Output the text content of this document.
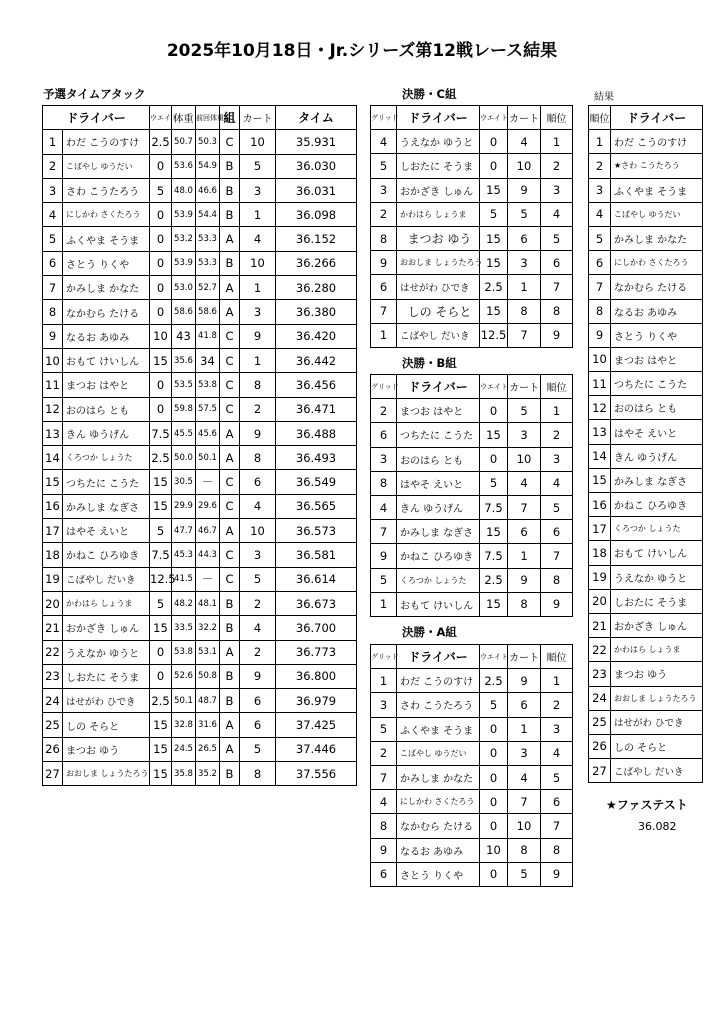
2025年10月18日・Jr.シリーズ第12戦レース結果
予選タイムアタック
ドライバー		ウエイト	体重	前回体重	組	カート	タイム
1	わだ こうのすけ	2.5	50.7	50.3	C	10	35.931
2	こばやし ゆうだい	0	53.6	54.9	B	5	36.030
3	さわ こうたろう	5	48.0	46.6	B	3	36.031
4	にしかわ さくたろう	0	53.9	54.4	B	1	36.098
5	ふくやま そうま	0	53.2	53.3	A	4	36.152
6	さとう りくや	0	53.9	53.3	B	10	36.266
7	かみしま かなた	0	53.0	52.7	A	1	36.280
8	なかむら たける	0	58.6	58.6	A	3	36.380
9	なるお あゆみ	10	43	41.8	C	9	36.420
10	おもて けいしん	15	35.6	34	C	1	36.442
11	まつお はやと	0	53.5	53.8	C	8	36.456
12	おのはら とも	0	59.8	57.5	C	2	36.471
13	きん ゆうげん	7.5	45.5	45.6	A	9	36.488
14	くろつか しょうた	2.5	50.0	50.1	A	8	36.493
15	つちたに こうた	15	30.5	－	C	6	36.549
16	かみしま なぎさ	15	29.9	29.6	C	4	36.565
17	はやそ えいと	5	47.7	46.7	A	10	36.573
18	かねこ ひろゆき	7.5	45.3	44.3	C	3	36.581
19	こばやし だいき	12.5	41.5	－	C	5	36.614
20	かわはら しょうま	5	48.2	48.1	B	2	36.673
21	おかざき しゅん	15	33.5	32.2	B	4	36.700
22	うえなか ゆうと	0	53.8	53.1	A	2	36.773
23	しおたに そうま	0	52.6	50.8	B	9	36.800
24	はせがわ ひでき	2.5	50.1	48.7	B	6	36.979
25	しの そらと	15	32.8	31.6	A	6	37.425
26	まつお ゆう	15	24.5	26.5	A	5	37.446
27	おおしま しょうたろう	15	35.8	35.2	B	8	37.556
決勝・C組
グリッド	ドライバー	ウエイト	カート	順位
4	うえなか ゆうと	0	4	1
5	しおたに そうま	0	10	2
3	おかざき しゅん	15	9	3
2	かわはら しょうま	5	5	4
8	まつお ゆう	15	6	5
9	おおしま しょうたろう	15	3	6
6	はせがわ ひでき	2.5	1	7
7	しの そらと	15	8	8
1	こばやし だいき	12.5	7	9
決勝・B組
グリッド	ドライバー	ウエイト	カート	順位
2	まつお はやと	0	5	1
6	つちたに こうた	15	3	2
3	おのはら とも	0	10	3
8	はやそ えいと	5	4	4
4	きん ゆうげん	7.5	7	5
7	かみしま なぎさ	15	6	6
9	かねこ ひろゆき	7.5	1	7
5	くろつか しょうた	2.5	9	8
1	おもて けいしん	15	8	9
決勝・A組
グリッド	ドライバー	ウエイト	カート	順位
1	わだ こうのすけ	2.5	9	1
3	さわ こうたろう	5	6	2
5	ふくやま そうま	0	1	3
2	こばやし ゆうだい	0	3	4
7	かみしま かなた	0	4	5
4	にしかわ さくたろう	0	7	6
8	なかむら たける	0	10	7
9	なるお あゆみ	10	8	8
6	さとう りくや	0	5	9
結果
順位	ドライバー
1	わだ こうのすけ
2	★さわ こうたろう
3	ふくやま そうま
4	こばやし ゆうだい
5	かみしま かなた
6	にしかわ さくたろう
7	なかむら たける
8	なるお あゆみ
9	さとう りくや
10	まつお はやと
11	つちたに こうた
12	おのはら とも
13	はやそ えいと
14	きん ゆうげん
15	かみしま なぎさ
16	かねこ ひろゆき
17	くろつか しょうた
18	おもて けいしん
19	うえなか ゆうと
20	しおたに そうま
21	おかざき しゅん
22	かわはら しょうま
23	まつお ゆう
24	おおしま しょうたろう
25	はせがわ ひでき
26	しの そらと
27	こばやし だいき
★ファステスト
36.082
